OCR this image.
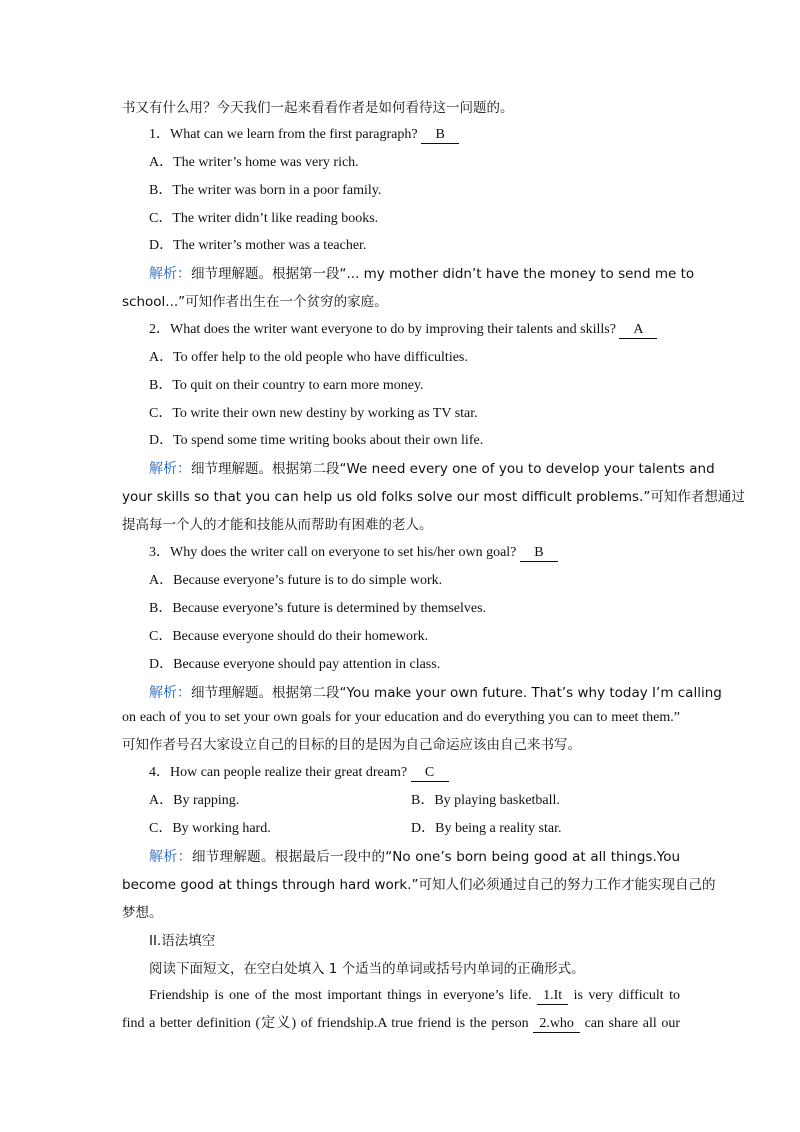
书又有什么用？今天我们一起来看看作者是如何看待这一问题的。
1．What can we learn from the first paragraph? B
A．The writer’s home was very rich.
B．The writer was born in a poor family.
C．The writer didn’t like reading books.
D．The writer’s mother was a teacher.
解析：细节理解题。根据第一段“... my mother didn’t have the money to send me to
school...”可知作者出生在一个贫穷的家庭。
2．What does the writer want everyone to do by improving their talents and skills? A
A．To offer help to the old people who have difficulties.
B．To quit on their country to earn more money.
C．To write their own new destiny by working as TV star.
D．To spend some time writing books about their own life.
解析：细节理解题。根据第二段“We need every one of you to develop your talents and
your skills so that you can help us old folks solve our most difficult problems.”可知作者想通过
提高每一个人的才能和技能从而帮助有困难的老人。
3．Why does the writer call on everyone to set his/her own goal? B
A．Because everyone’s future is to do simple work.
B．Because everyone’s future is determined by themselves.
C．Because everyone should do their homework.
D．Because everyone should pay attention in class.
解析：细节理解题。根据第二段“You make your own future. That’s why today I’m calling
on each of you to set your own goals for your education and do everything you can to meet them.”
可知作者号召大家设立自己的目标的目的是因为自己命运应该由自己来书写。
4．How can people realize their great dream? C
A．By rapping.	B．By playing basketball.
C．By working hard.	D．By being a reality star.
解析：细节理解题。根据最后一段中的“No one’s born being good at all things.You
become good at things through hard work.”可知人们必须通过自己的努力工作才能实现自己的
梦想。
II.语法填空
阅读下面短文，在空白处填入 1 个适当的单词或括号内单词的正确形式。
Friendship is one of the most important things in everyone’s life. 1.It is very difficult to
find a better definition (定义) of friendship.A true friend is the person 2.who can share all our
